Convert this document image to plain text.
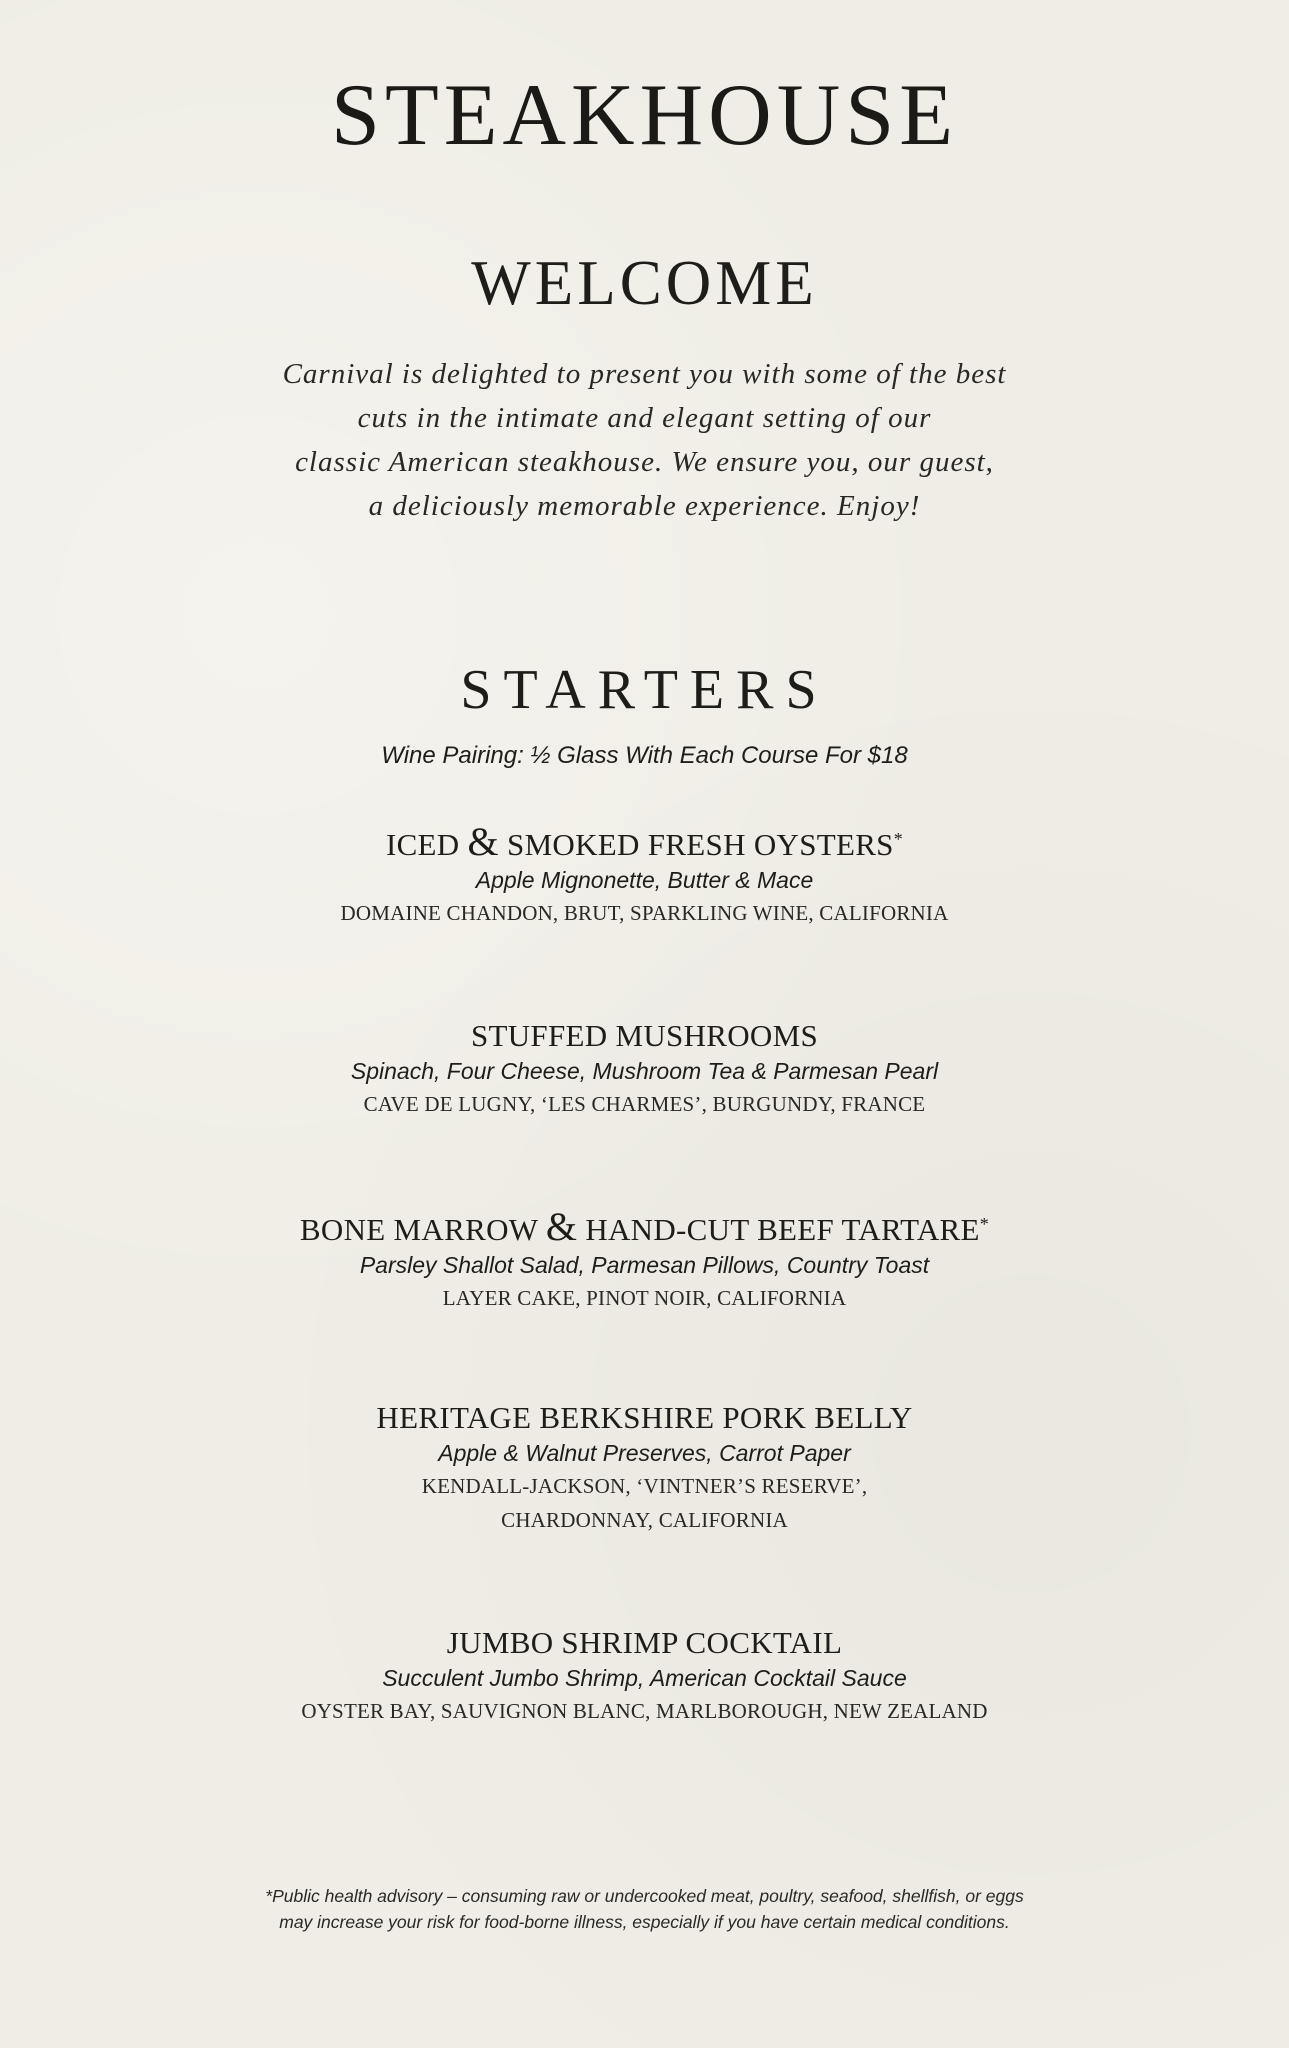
STEAKHOUSE
WELCOME
Carnival is delighted to present you with some of the best
cuts in the intimate and elegant setting of our
classic American steakhouse. We ensure you, our guest,
a deliciously memorable experience. Enjoy!
STARTERS
Wine Pairing: ½ Glass With Each Course For $18
ICED & SMOKED FRESH OYSTERS*
Apple Mignonette, Butter & Mace
DOMAINE CHANDON, BRUT, SPARKLING WINE, CALIFORNIA
STUFFED MUSHROOMS
Spinach, Four Cheese, Mushroom Tea & Parmesan Pearl
CAVE DE LUGNY, ‘LES CHARMES’, BURGUNDY, FRANCE
BONE MARROW & HAND-CUT BEEF TARTARE*
Parsley Shallot Salad, Parmesan Pillows, Country Toast
LAYER CAKE, PINOT NOIR, CALIFORNIA
HERITAGE BERKSHIRE PORK BELLY
Apple & Walnut Preserves, Carrot Paper
KENDALL-JACKSON, ‘VINTNER’S RESERVE’,
CHARDONNAY, CALIFORNIA
JUMBO SHRIMP COCKTAIL
Succulent Jumbo Shrimp, American Cocktail Sauce
OYSTER BAY, SAUVIGNON BLANC, MARLBOROUGH, NEW ZEALAND
*Public health advisory – consuming raw or undercooked meat, poultry, seafood, shellfish, or eggs
may increase your risk for food-borne illness, especially if you have certain medical conditions.
